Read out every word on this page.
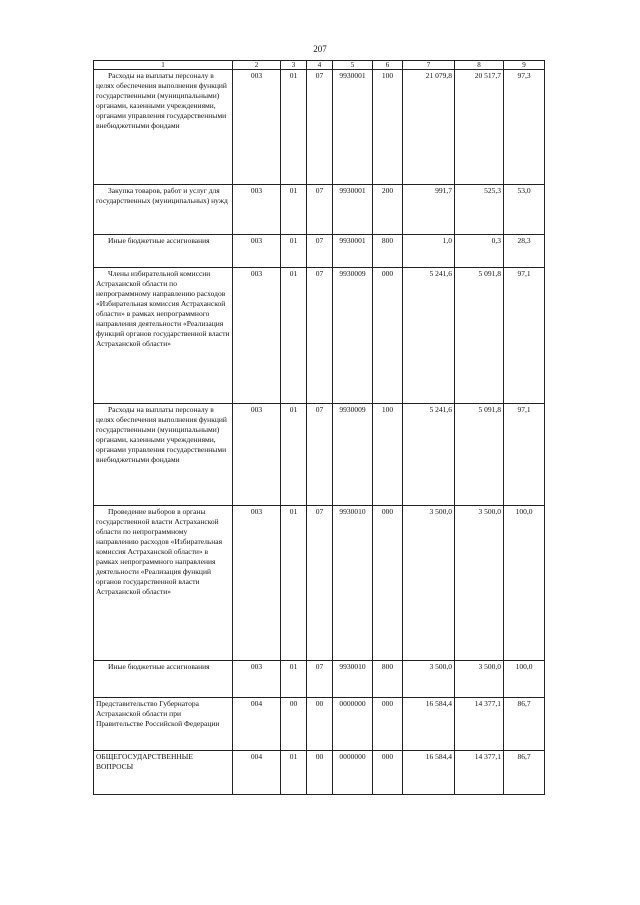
207
1	2	3	4	5	6	7	8	9

Расходы на выплаты персоналу в целях обеспечения выполнения функций государственными (муниципальными) органами, казенными учреждениями, органами управления государственными внебюджетными фондами	003	01	07	9930001	100	21 079,8	20 517,7	97,3

Закупка товаров, работ и услуг для государственных (муниципальных) нужд	003	01	07	9930001	200	991,7	525,3	53,0

Иные бюджетные ассигнования	003	01	07	9930001	800	1,0	0,3	28,3

Члены избирательной комиссии Астраханской области по непрограммному направлению расходов «Избирательная комиссия Астраханской области» в рамках непрограммного направления деятельности «Реализация функций органов государственной власти Астраханской области»	003	01	07	9930009	000	5 241,6	5 091,8	97,1

Расходы на выплаты персоналу в целях обеспечения выполнения функций государственными (муниципальными) органами, казенными учреждениями, органами управления государственными внебюджетными фондами	003	01	07	9930009	100	5 241,6	5 091,8	97,1

Проведение выборов в органы государственной власти Астраханской области по непрограммному направлению расходов «Избирательная комиссия Астраханской области» в рамках непрограммного направления деятельности «Реализация функций органов государственной власти Астраханской области»	003	01	07	9930010	000	3 500,0	3 500,0	100,0

Иные бюджетные ассигнования	003	01	07	9930010	800	3 500,0	3 500,0	100,0
Представительство Губернатора Астраханской области при Правительстве Российской Федерации	004	00	00	0000000	000	16 584,4	14 377,1	86,7
ОБЩЕГОСУДАРСТВЕННЫЕ ВОПРОСЫ	004	01	00	0000000	000	16 584,4	14 377,1	86,7
